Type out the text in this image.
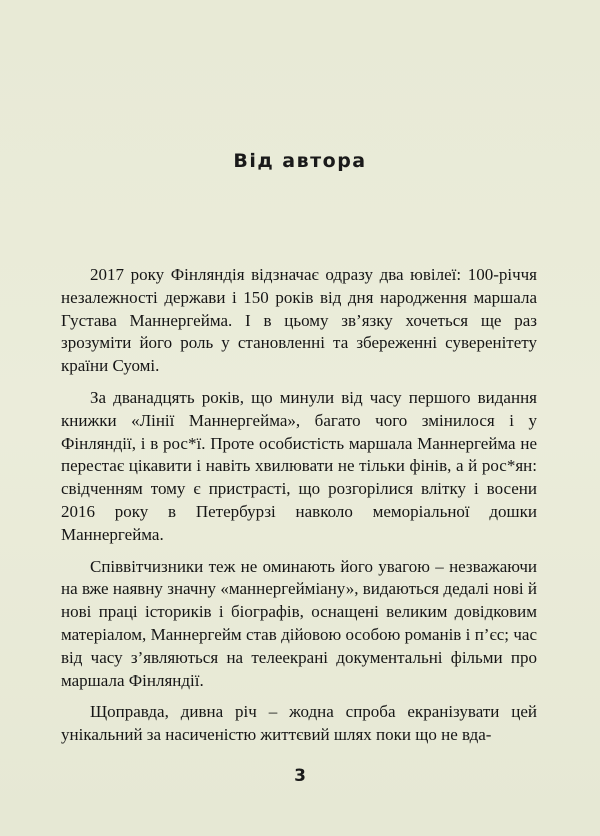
Від автора

2017 року Фінляндія відзначає одразу два ювілеї: 100-річчя незалежності держави і 150 років від дня народження маршала Густава Маннергейма. І в цьому зв’язку хочеться ще раз зрозуміти його роль у становленні та збереженні суверенітету країни Суомі.

За дванадцять років, що минули від часу першого видання книжки «Лінії Маннергейма», багато чого змінилося і у Фінляндії, і в рос*ї. Проте особистість маршала Маннергейма не перестає цікавити і навіть хвилювати не тільки фінів, а й рос*ян: свідченням тому є пристрасті, що розгорілися влітку і восени 2016 року в Петербурзі навколо меморіальної дошки Маннергейма.

Співвітчизники теж не оминають його увагою – незважаючи на вже наявну значну «маннергейміану», видаються дедалі нові й нові праці істориків і біографів, оснащені великим довідковим матеріалом, Маннергейм став дійовою особою романів і п’єс; час від часу з’являються на телеекрані документальні фільми про маршала Фінляндії.

Щоправда, дивна річ – жодна спроба екранізувати цей унікальний за насиченістю життєвий шлях поки що не вда-

3
